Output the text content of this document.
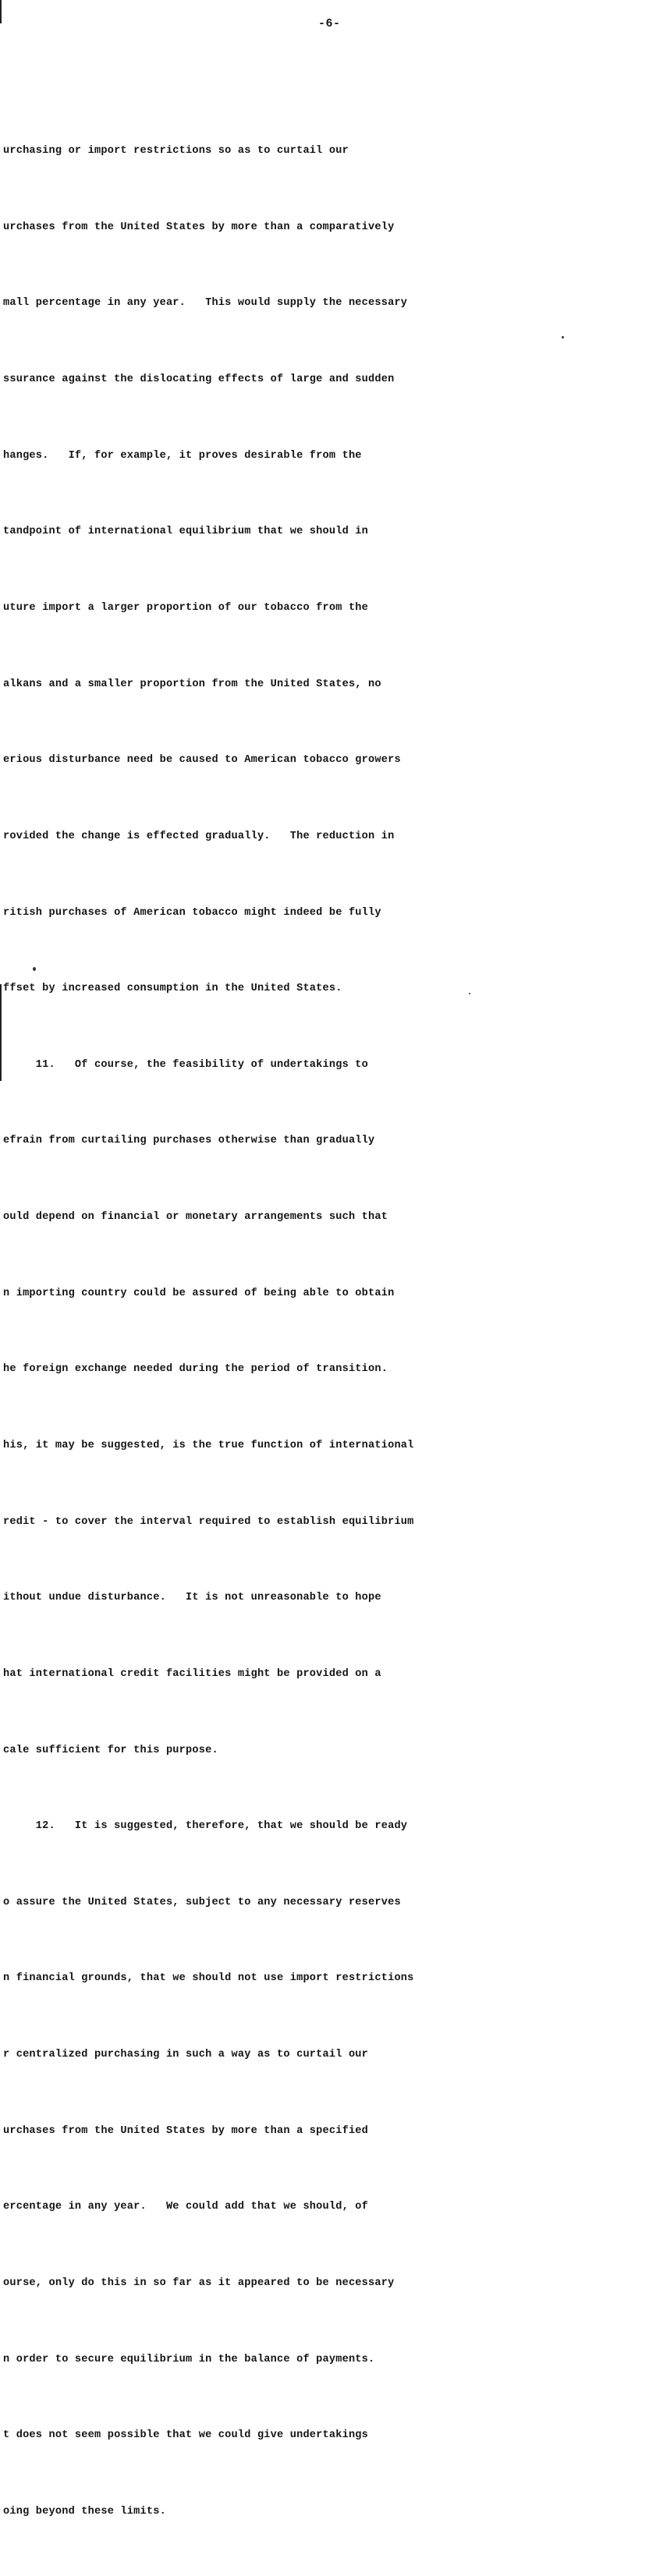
-6-

urchasing or import restrictions so as to curtail our

urchases from the United States by more than a comparatively

mall percentage in any year.   This would supply the necessary

ssurance against the dislocating effects of large and sudden

hanges.   If, for example, it proves desirable from the

tandpoint of international equilibrium that we should in

uture import a larger proportion of our tobacco from the

alkans and a smaller proportion from the United States, no

erious disturbance need be caused to American tobacco growers

rovided the change is effected gradually.   The reduction in

ritish purchases of American tobacco might indeed be fully

ffset by increased consumption in the United States.

11.   Of course, the feasibility of undertakings to

efrain from curtailing purchases otherwise than gradually

ould depend on financial or monetary arrangements such that

n importing country could be assured of being able to obtain

he foreign exchange needed during the period of transition.

his, it may be suggested, is the true function of international

redit - to cover the interval required to establish equilibrium

ithout undue disturbance.   It is not unreasonable to hope

hat international credit facilities might be provided on a

cale sufficient for this purpose.

12.   It is suggested, therefore, that we should be ready

o assure the United States, subject to any necessary reserves

n financial grounds, that we should not use import restrictions

r centralized purchasing in such a way as to curtail our

urchases from the United States by more than a specified

ercentage in any year.   We could add that we should, of

ourse, only do this in so far as it appeared to be necessary

n order to secure equilibrium in the balance of payments.

t does not seem possible that we could give undertakings

oing beyond these limits.
